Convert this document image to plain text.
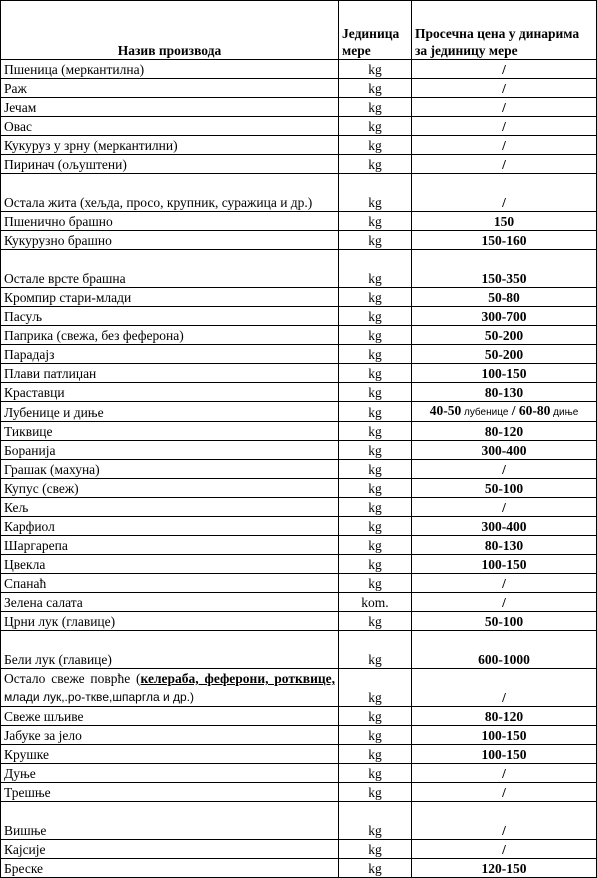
Назив производа	Јединица мере	Просечна цена у динарима за јединицу мере
Пшеница (меркантилна)	kg	/
Раж	kg	/
Јечам	kg	/
Овас	kg	/
Кукуруз у зрну (меркантилни)	kg	/
Пиринач (ољуштени)	kg	/
Остала жита (хељда, просо, крупник, суражица и др.)	kg	/
Пшенично брашно	kg	150
Кукурузно брашно	kg	150-160
Остале врсте брашна	kg	150-350
Кромпир стари-млади	kg	50-80
Пасуљ	kg	300-700
Паприка (свежа, без феферона)	kg	50-200
Парадајз	kg	50-200
Плави патлиџан	kg	100-150
Краставци	kg	80-130
Лубенице и диње	kg	40-50 лубенице / 60-80 диње
Тиквице	kg	80-120
Боранија	kg	300-400
Грашак (махуна)	kg	/
Купус (свеж)	kg	50-100
Кељ	kg	/
Карфиол	kg	300-400
Шаргарепа	kg	80-130
Цвекла	kg	100-150
Спанаћ	kg	/
Зелена салата	kom.	/
Црни лук (главице)	kg	50-100
Бели лук (главице)	kg	600-1000
Остало свеже поврће (келераба, феферони, ротквице, млади лук,.ро-тквe,шпаргла и др.)	kg	/
Свеже шљиве	kg	80-120
Јабуке за јело	kg	100-150
Крушке	kg	100-150
Дуње	kg	/
Трешње	kg	/
Вишње	kg	/
Кајсије	kg	/
Бреске	kg	120-150
